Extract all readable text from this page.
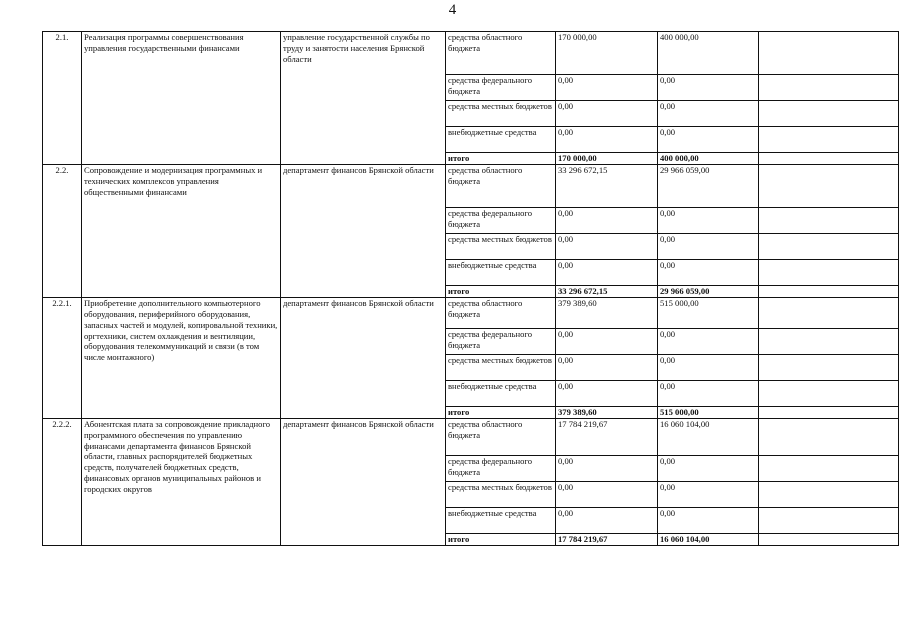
4
2.1.	Реализация программы совершенствования управления государственными финансами	управление государственной службы по труду и занятости населения Брянской области	средства областного бюджета	170 000,00	400 000,00	
			средства федерального бюджета	0,00	0,00	
			средства местных бюджетов	0,00	0,00	
			внебюджетные средства	0,00	0,00	
			итого	170 000,00	400 000,00	
2.2.	Сопровождение и модернизация программных и технических комплексов управления общественными финансами	департамент финансов Брянской области	средства областного бюджета	33 296 672,15	29 966 059,00	
			средства федерального бюджета	0,00	0,00	
			средства местных бюджетов	0,00	0,00	
			внебюджетные средства	0,00	0,00	
			итого	33 296 672,15	29 966 059,00	
2.2.1.	Приобретение дополнительного компьютерного оборудования, периферийного оборудования, запасных частей и модулей, копировальной техники, оргтехники, систем охлаждения и вентиляции, оборудования телекоммуникаций и связи (в том числе монтажного)	департамент финансов Брянской области	средства областного бюджета	379 389,60	515 000,00	
			средства федерального бюджета	0,00	0,00	
			средства местных бюджетов	0,00	0,00	
			внебюджетные средства	0,00	0,00	
			итого	379 389,60	515 000,00	
2.2.2.	Абонентская плата за сопровождение прикладного программного обеспечения по управлению финансами департамента финансов Брянской области, главных распорядителей бюджетных средств, получателей бюджетных средств, финансовых органов муниципальных районов и городских округов	департамент финансов Брянской области	средства областного бюджета	17 784 219,67	16 060 104,00	
			средства федерального бюджета	0,00	0,00	
			средства местных бюджетов	0,00	0,00	
			внебюджетные средства	0,00	0,00	
			итого	17 784 219,67	16 060 104,00	
